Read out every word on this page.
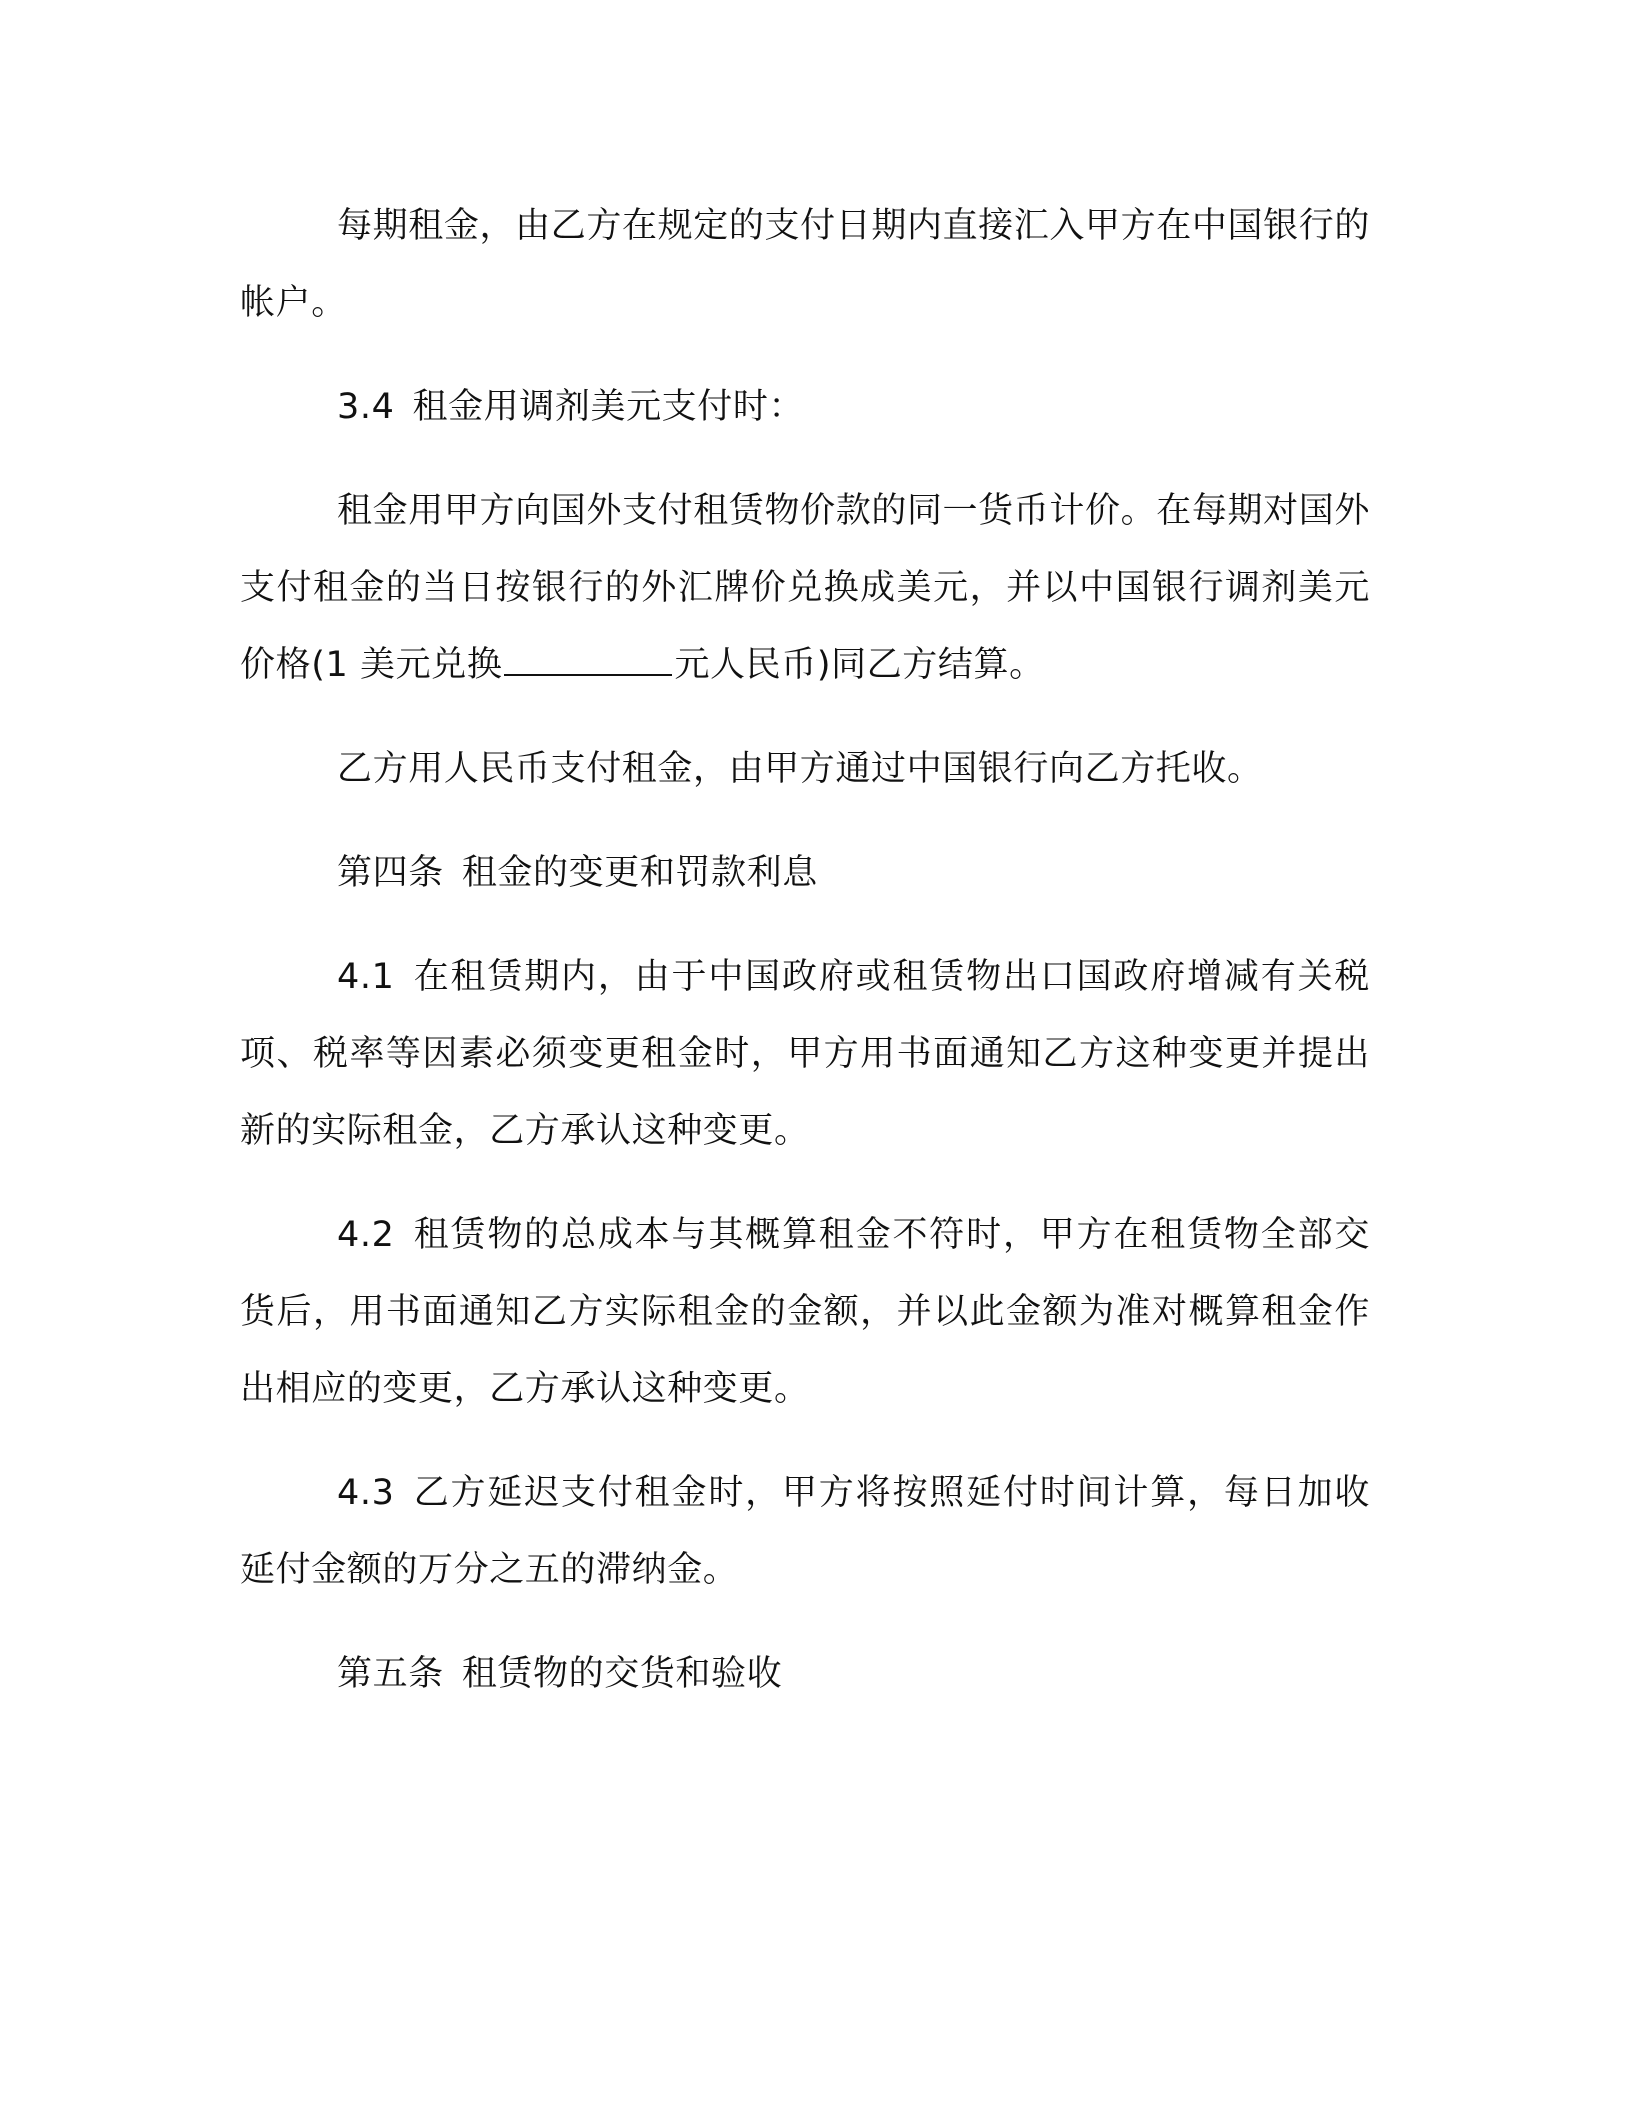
每期租金，由乙方在规定的支付日期内直接汇入甲方在中国银行的帐户。

3.4 租金用调剂美元支付时：

租金用甲方向国外支付租赁物价款的同一货币计价。在每期对国外支付租金的当日按银行的外汇牌价兑换成美元，并以中国银行调剂美元价格(1 美元兑换	元人民币)同乙方结算。

乙方用人民币支付租金，由甲方通过中国银行向乙方托收。

第四条 租金的变更和罚款利息

4.1 在租赁期内，由于中国政府或租赁物出口国政府增减有关税项、税率等因素必须变更租金时，甲方用书面通知乙方这种变更并提出新的实际租金，乙方承认这种变更。

4.2 租赁物的总成本与其概算租金不符时，甲方在租赁物全部交货后，用书面通知乙方实际租金的金额，并以此金额为准对概算租金作出相应的变更，乙方承认这种变更。

4.3 乙方延迟支付租金时，甲方将按照延付时间计算，每日加收延付金额的万分之五的滞纳金。

第五条 租赁物的交货和验收
